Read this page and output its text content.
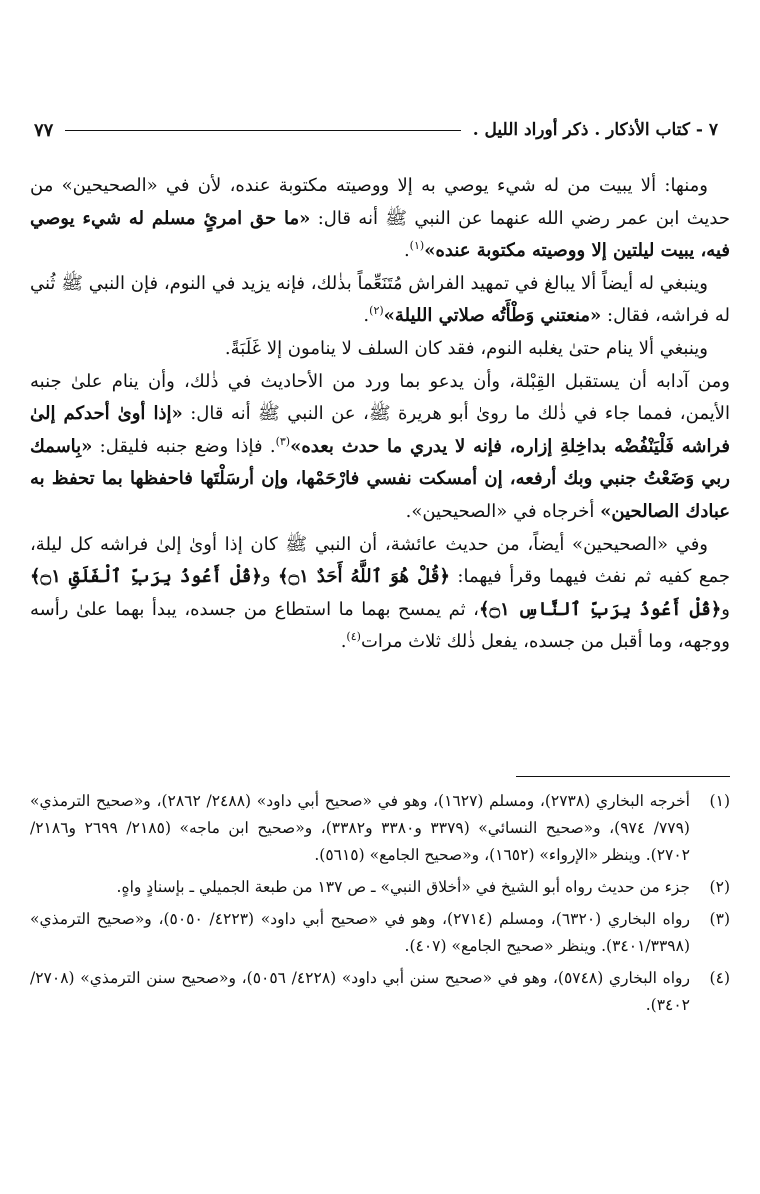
٧ - كتاب الأذكار . ذكر أوراد الليل .
٧٧

ومنها: ألا يبيت من له شيء يوصي به إلا ووصيته مكتوبة عنده، لأن في «الصحيحين» من حديث ابن عمر رضي الله عنهما عن النبي ﷺ أنه قال: «ما حق امرئٍ مسلم له شيء يوصي فيه، يبيت ليلتين إلا ووصيته مكتوبة عنده»$^{(١)}$.

وينبغي له أيضاً ألا يبالغ في تمهيد الفراش مُتَنَعِّماً بذٰلك، فإنه يزيد في النوم، فإن النبي ﷺ ثُني له فراشه، فقال: «منعتني وَطْأَتُه صلاتي الليلة»$^{(٢)}$.

وينبغي ألا ينام حتىٰ يغلبه النوم، فقد كان السلف لا ينامون إلا غَلَبَةً.

ومن آدابه أن يستقبل القِبْلة، وأن يدعو بما ورد من الأحاديث في ذٰلك، وأن ينام علىٰ جنبه الأيمن، فمما جاء في ذٰلك ما روىٰ أبو هريرة ﷺ، عن النبي ﷺ أنه قال: «إذا أوىٰ أحدكم إلىٰ فراشه فَلْيَنْفُضْه بداخِلةِ إزاره، فإنه لا يدري ما حدث بعده»$^{(٣)}$. فإذا وضع جنبه فليقل: «بِاسمك ربي وَضَعْتُ جنبي وبك أرفعه، إن أمسكت نفسي فارْحَمْها، وإن أرسَلْتَها فاحفظها بما تحفظ به عبادك الصالحين» أخرجاه في «الصحيحين».

وفي «الصحيحين» أيضاً، من حديث عائشة، أن النبي ﷺ كان إذا أوىٰ إلىٰ فراشه كل ليلة، جمع كفيه ثم نفث فيهما وقرأ فيهما: ﴿قُلْ هُوَ ٱللَّهُ أَحَدٌ ۝١﴾ و﴿قُلْ أَعُوذُ بِرَبِّ ٱلْفَلَقِ ۝١﴾ و﴿قُلْ أَعُوذُ بِرَبِّ ٱلنَّاسِ ۝١﴾، ثم يمسح بهما ما استطاع من جسده، يبدأ بهما علىٰ رأسه ووجهه، وما أقبل من جسده، يفعل ذٰلك ثلاث مرات$^{(٤)}$.

(١)
أخرجه البخاري (٢٧٣٨)، ومسلم (١٦٢٧)، وهو في «صحيح أبي داود» (٢٤٨٨/ ٢٨٦٢)، و«صحيح الترمذي» (٧٧٩/ ٩٧٤)، و«صحيح النسائي» (٣٣٧٩ و٣٣٨٠ و٣٣٨٢)، و«صحيح ابن ماجه» (٢١٨٥/ ٢٦٩٩ و٢١٨٦/ ٢٧٠٢). وينظر «الإرواء» (١٦٥٢)، و«صحيح الجامع» (٥٦١٥).
(٢)
جزء من حديث رواه أبو الشيخ في «أخلاق النبي» ـ ص ١٣٧ من طبعة الجميلي ـ بإسنادٍ واهٍ.
(٣)
رواه البخاري (٦٣٢٠)، ومسلم (٢٧١٤)، وهو في «صحيح أبي داود» (٤٢٢٣/ ٥٠٥٠)، و«صحيح الترمذي» (٣٤٠١/٣٣٩٨). وينظر «صحيح الجامع» (٤٠٧).
(٤)
رواه البخاري (٥٧٤٨)، وهو في «صحيح سنن أبي داود» (٤٢٢٨/ ٥٠٥٦)، و«صحيح سنن الترمذي» (٢٧٠٨/ ٣٤٠٢).
